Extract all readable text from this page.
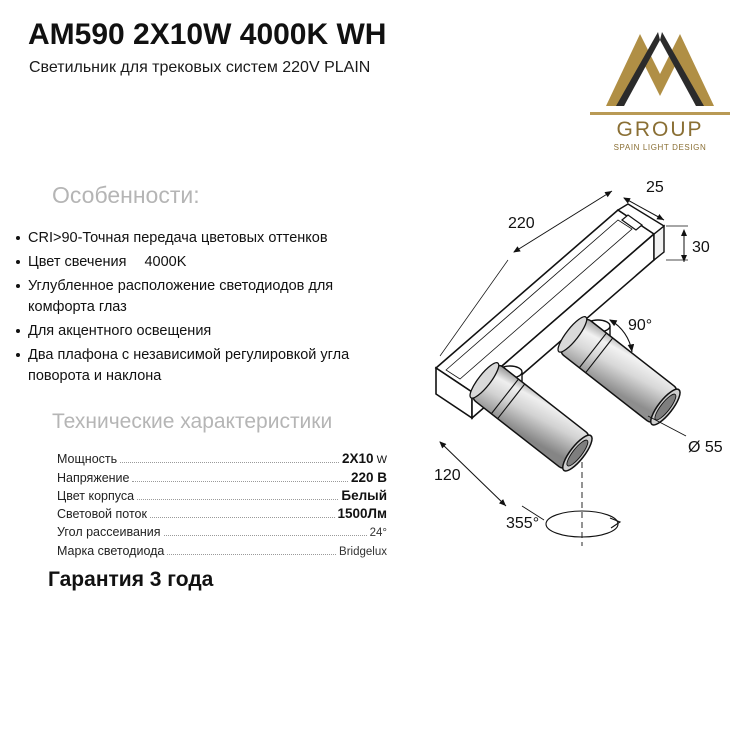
AM590 2X10W 4000K WH
Светильник для трековых систем 220V PLAIN
GROUP
SPAIN LIGHT DESIGN
Особенности:
CRI>90-Точная передача цветовых оттенков
Цвет свечения 4000K
Углубленное расположение светодиодов для комфорта глаз
Для акцентного освещения
Два плафона с независимой регулировкой угла поворота и наклона
Технические характеристики
Мощность	2X10 W
Напряжение	220 В
Цвет корпуса	Белый
Световой поток	1500Лм
Угол рассеивания	24°
Марка светодиода	Bridgelux
Гарантия 3 года
220
25
30
90°
120
Ø 55
355°
